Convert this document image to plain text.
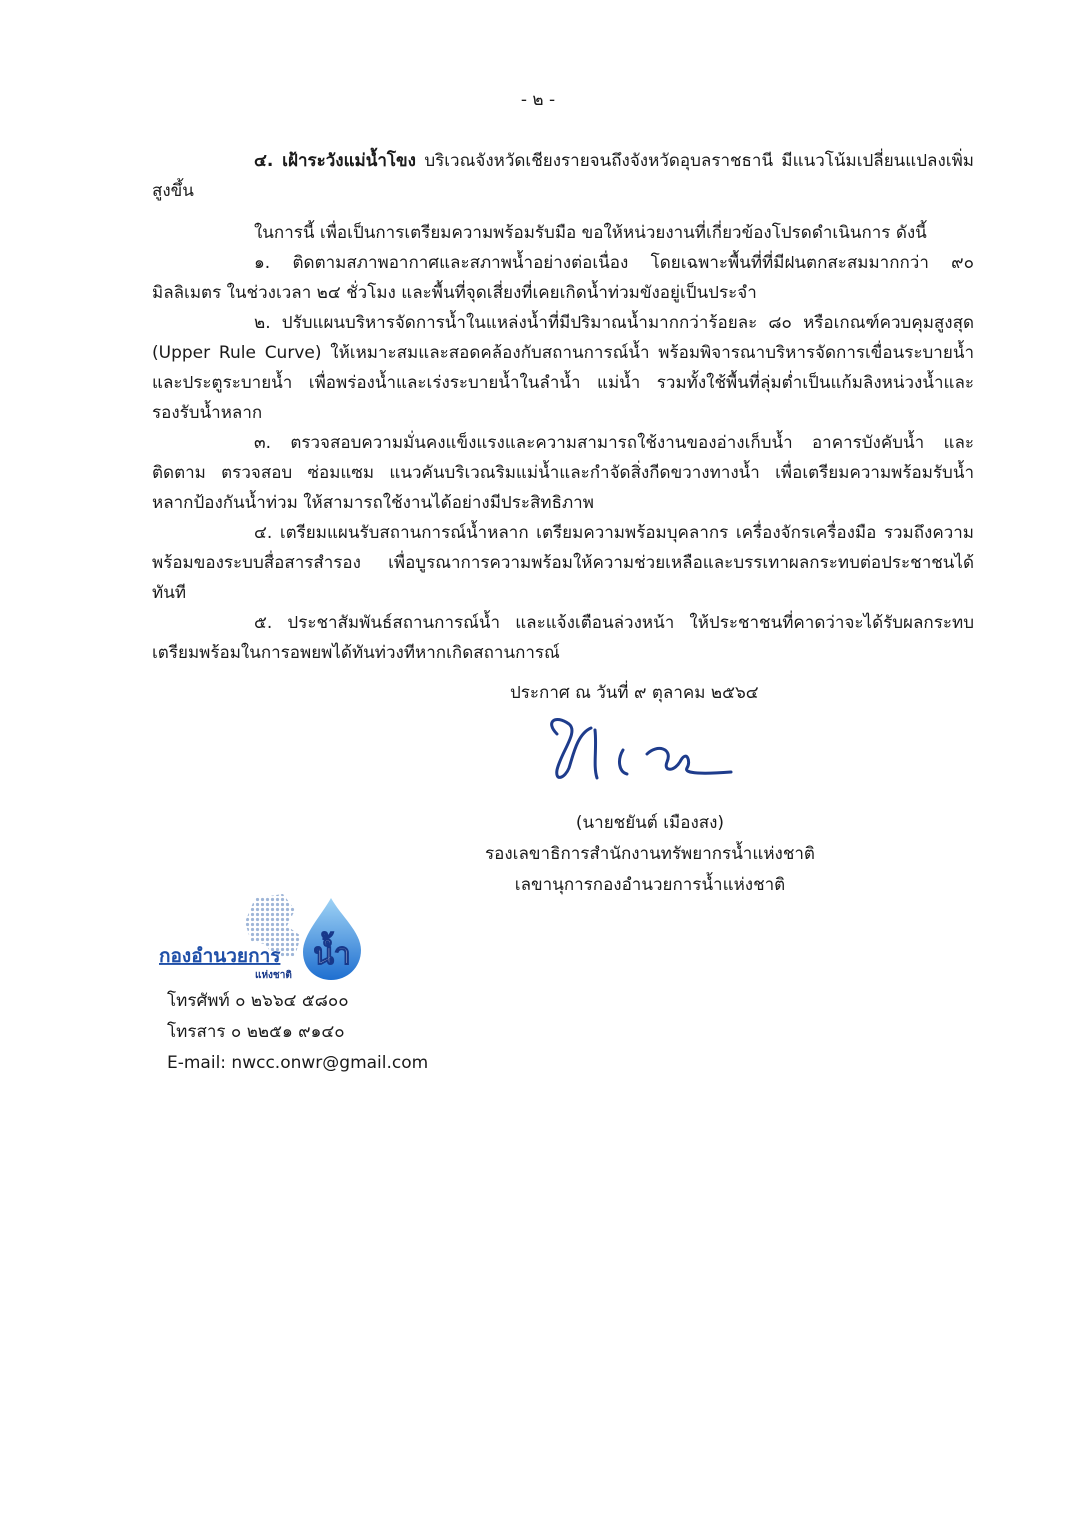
- ๒ -

๔. เฝ้าระวังแม่น้ำโขง บริเวณจังหวัดเชียงรายจนถึงจังหวัดอุบลราชธานี มีแนวโน้มเปลี่ยนแปลงเพิ่มสูงขึ้น

ในการนี้ เพื่อเป็นการเตรียมความพร้อมรับมือ ขอให้หน่วยงานที่เกี่ยวข้องโปรดดำเนินการ ดังนี้

๑. ติดตามสภาพอากาศและสภาพน้ำอย่างต่อเนื่อง โดยเฉพาะพื้นที่ที่มีฝนตกสะสมมากกว่า ๙๐ มิลลิเมตร ในช่วงเวลา ๒๔ ชั่วโมง และพื้นที่จุดเสี่ยงที่เคยเกิดน้ำท่วมขังอยู่เป็นประจำ

๒. ปรับแผนบริหารจัดการน้ำในแหล่งน้ำที่มีปริมาณน้ำมากกว่าร้อยละ ๘๐ หรือเกณฑ์ควบคุมสูงสุด (Upper Rule Curve) ให้เหมาะสมและสอดคล้องกับสถานการณ์น้ำ พร้อมพิจารณาบริหารจัดการเขื่อนระบายน้ำและประตูระบายน้ำ เพื่อพร่องน้ำและเร่งระบายน้ำในลำน้ำ แม่น้ำ รวมทั้งใช้พื้นที่ลุ่มต่ำเป็นแก้มลิงหน่วงน้ำและรองรับน้ำหลาก

๓. ตรวจสอบความมั่นคงแข็งแรงและความสามารถใช้งานของอ่างเก็บน้ำ อาคารบังคับน้ำ และติดตาม ตรวจสอบ ซ่อมแซม แนวคันบริเวณริมแม่น้ำและกำจัดสิ่งกีดขวางทางน้ำ เพื่อเตรียมความพร้อมรับน้ำหลากป้องกันน้ำท่วม ให้สามารถใช้งานได้อย่างมีประสิทธิภาพ

๔. เตรียมแผนรับสถานการณ์น้ำหลาก เตรียมความพร้อมบุคลากร เครื่องจักรเครื่องมือ รวมถึงความพร้อมของระบบสื่อสารสำรอง เพื่อบูรณาการความพร้อมให้ความช่วยเหลือและบรรเทาผลกระทบต่อประชาชนได้ทันที

๕. ประชาสัมพันธ์สถานการณ์น้ำ และแจ้งเตือนล่วงหน้า ให้ประชาชนที่คาดว่าจะได้รับผลกระทบ เตรียมพร้อมในการอพยพได้ทันท่วงทีหากเกิดสถานการณ์

ประกาศ ณ วันที่ ๙ ตุลาคม ๒๕๖๔
(นายชยันต์ เมืองสง)
รองเลขาธิการสำนักงานทรัพยากรน้ำแห่งชาติ
เลขานุการกองอำนวยการน้ำแห่งชาติ
น้ำ
กองอำนวยการ
แห่งชาติ
โทรศัพท์ ๐ ๒๖๖๔ ๕๘๐๐
โทรสาร ๐ ๒๒๕๑ ๙๑๔๐
E-mail: nwcc.onwr@gmail.com
